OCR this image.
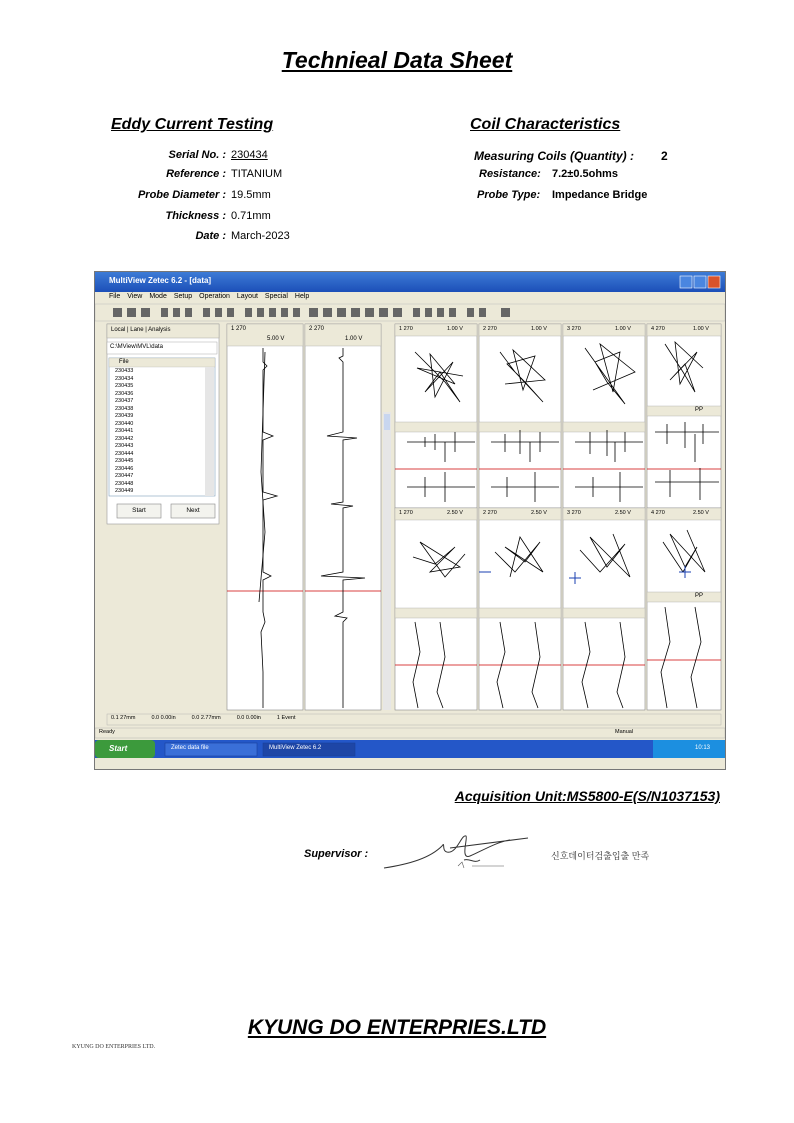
Technieal Data Sheet
Eddy Current Testing
Serial No. : 230434
Reference : TITANIUM
Probe Diameter : 19.5mm
Thickness : 0.71mm
Date : March-2023
Coil Characteristics
Measuring Coils (Quantity) : 2
Resistance: 7.2±0.5ohms
Probe Type: Impedance Bridge
MultiView Zetec 6.2 - [data]
File View Mode Setup Operation Layout Special Help
Local | Lane | Analysis
C:\MView\MVL\data
File
230433
230434
230435
230436
230437
230438
230439
230440
230441
230442
230443
230444
230445
230446
230447
230448
230449
Start	Next
1 270
5.00 V
2 270
1.00 V
1 270	1.00 V	2 270	1.00 V	3 270	1.00 V	4 270	1.00 V
1 270	2.50 V	2 270	2.50 V	3 270	2.50 V	4 270	2.50 V
PP
PP
0.1 27mm	0.0 0.00in	0.0 2.77mm	0.0 0.00in	1 Event
Ready	Manual
Start	Zetec data file	MultiView Zetec 6.2	10:13
Acquisition Unit:MS5800-E(S/N1037153)
Supervisor :	신호데이터검출입출 만족
KYUNG DO ENTERPRIES.LTD
KYUNG DO ENTERPRIES LTD.
